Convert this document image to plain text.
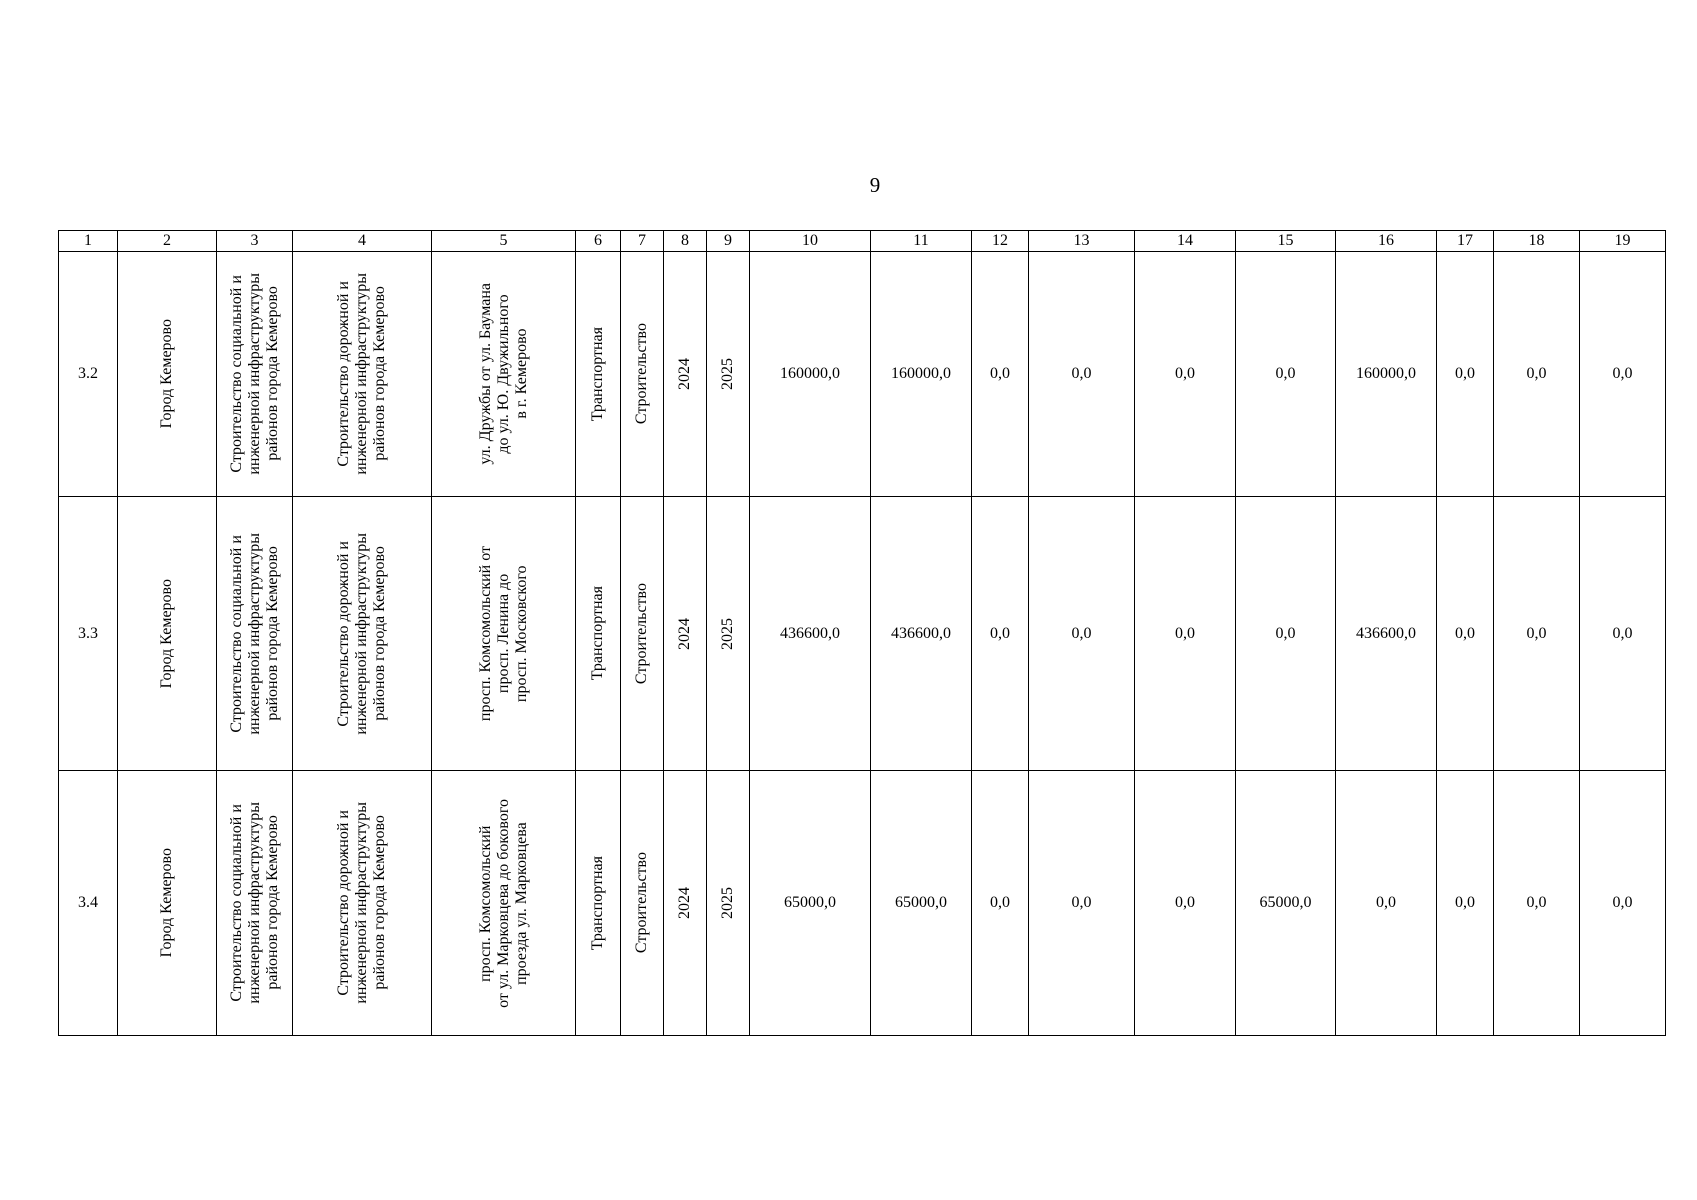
9
1	2	3	4	5	6	7	8	9	10	11	12	13	14	15	16	17	18	19
3.2	Город Кемерово	Строительство социальной и
инженерной инфраструктуры
районов города Кемерово	Строительство дорожной и
инженерной инфраструктуры
районов города Кемерово	ул. Дружбы от ул. Баумана
до ул. Ю. Двужильного
в г. Кемерово	Транспортная	Строительство	2024	2025	160000,0	160000,0	0,0	0,0	0,0	0,0	160000,0	0,0	0,0	0,0
3.3	Город Кемерово	Строительство социальной и
инженерной инфраструктуры
районов города Кемерово	Строительство дорожной и
инженерной инфраструктуры
районов города Кемерово	просп. Комсомольский от
просп. Ленина до
просп. Московского	Транспортная	Строительство	2024	2025	436600,0	436600,0	0,0	0,0	0,0	0,0	436600,0	0,0	0,0	0,0
3.4	Город Кемерово	Строительство социальной и
инженерной инфраструктуры
районов города Кемерово	Строительство дорожной и
инженерной инфраструктуры
районов города Кемерово	просп. Комсомольский
от ул. Марковцева до бокового
проезда ул. Марковцева	Транспортная	Строительство	2024	2025	65000,0	65000,0	0,0	0,0	0,0	65000,0	0,0	0,0	0,0	0,0
